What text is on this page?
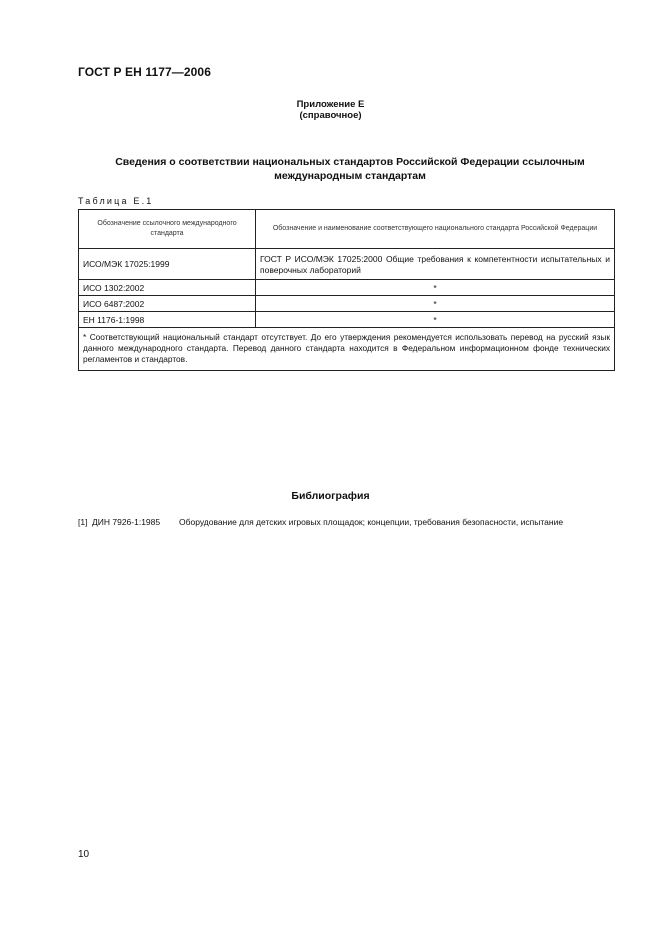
ГОСТ Р ЕН 1177—2006
Приложение Е
(справочное)
Сведения о соответствии национальных стандартов Российской Федерации ссылочным международным стандартам
Таблица Е.1
Обозначение ссылочного международного стандарта	Обозначение и наименование соответствующего национального стандарта Российской Федерации
ИСО/МЭК 17025:1999	ГОСТ Р ИСО/МЭК 17025:2000 Общие требования к компетентности испытательных и поверочных лабораторий

ИСО 1302:2002	*
ИСО 6487:2002	*
ЕН 1176-1:1998	*
* Соответствующий национальный стандарт отсутствует. До его утверждения рекомендуется использовать перевод на русский язык данного международного стандарта. Перевод данного стандарта находится в Федеральном информационном фонде технических регламентов и стандартов.	
Библиография
[1] ДИН 7926-1:1985	Оборудование для детских игровых площадок; концепции, требования безопасности, испытание
10
